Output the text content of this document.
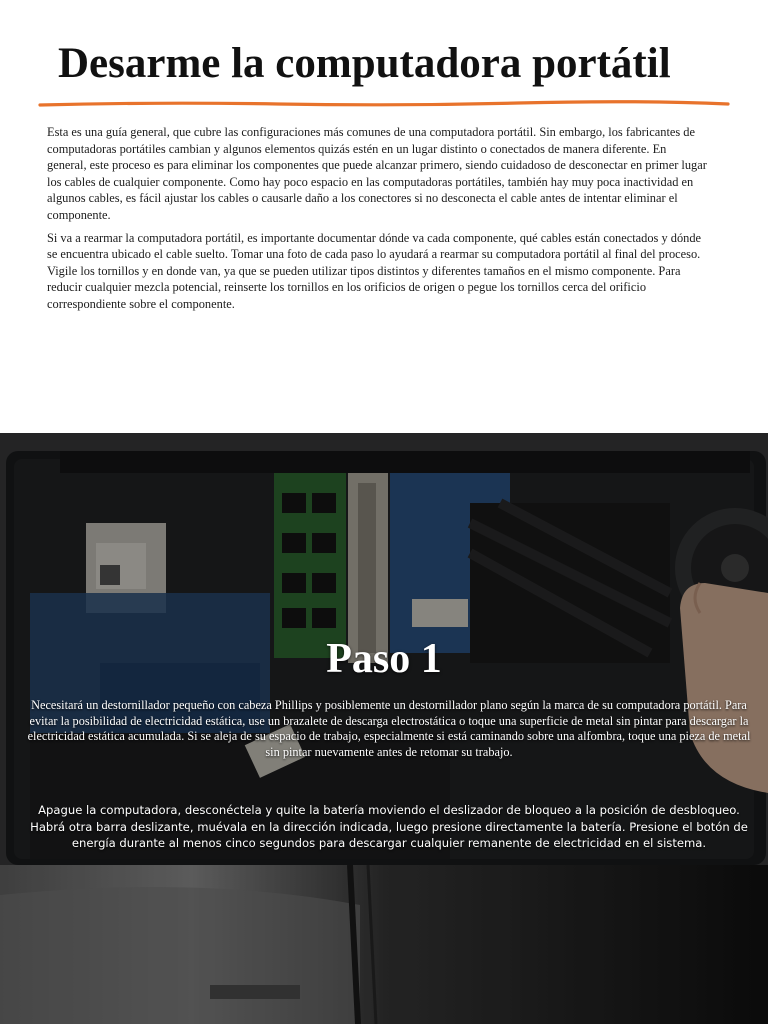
Desarme la computadora portátil

Esta es una guía general, que cubre las configuraciones más comunes de una computadora portátil. Sin embargo, los fabricantes de computadoras portátiles cambian y algunos elementos quizás estén en un lugar distinto o conectados de manera diferente. En general, este proceso es para eliminar los componentes que puede alcanzar primero, siendo cuidadoso de desconectar en primer lugar los cables de cualquier componente. Como hay poco espacio en las computadoras portátiles, también hay muy poca inactividad en algunos cables, es fácil ajustar los cables o causarle daño a los conectores si no desconecta el cable antes de intentar eliminar el componente.

Si va a rearmar la computadora portátil, es importante documentar dónde va cada componente, qué cables están conectados y dónde se encuentra ubicado el cable suelto. Tomar una foto de cada paso lo ayudará a rearmar su computadora portátil al final del proceso. Vigile los tornillos y en donde van, ya que se pueden utilizar tipos distintos y diferentes tamaños en el mismo componente. Para reducir cualquier mezcla potencial, reinserte los tornillos en los orificios de origen o pegue los tornillos cerca del orificio correspondiente sobre el componente.

Paso 1
Necesitará un destornillador pequeño con cabeza Phillips y posiblemente un destornillador plano según la marca de su computadora portátil. Para evitar la posibilidad de electricidad estática, use un brazalete de descarga electrostática o toque una superficie de metal sin pintar para descargar la electricidad estática acumulada. Si se aleja de su espacio de trabajo, especialmente si está caminando sobre una alfombra, toque una pieza de metal sin pintar nuevamente antes de retomar su trabajo.
Apague la computadora, desconéctela y quite la batería moviendo el deslizador de bloqueo a la posición de desbloqueo. Habrá otra barra deslizante, muévala en la dirección indicada, luego presione directamente la batería. Presione el botón de energía durante al menos cinco segundos para descargar cualquier remanente de electricidad en el sistema.
